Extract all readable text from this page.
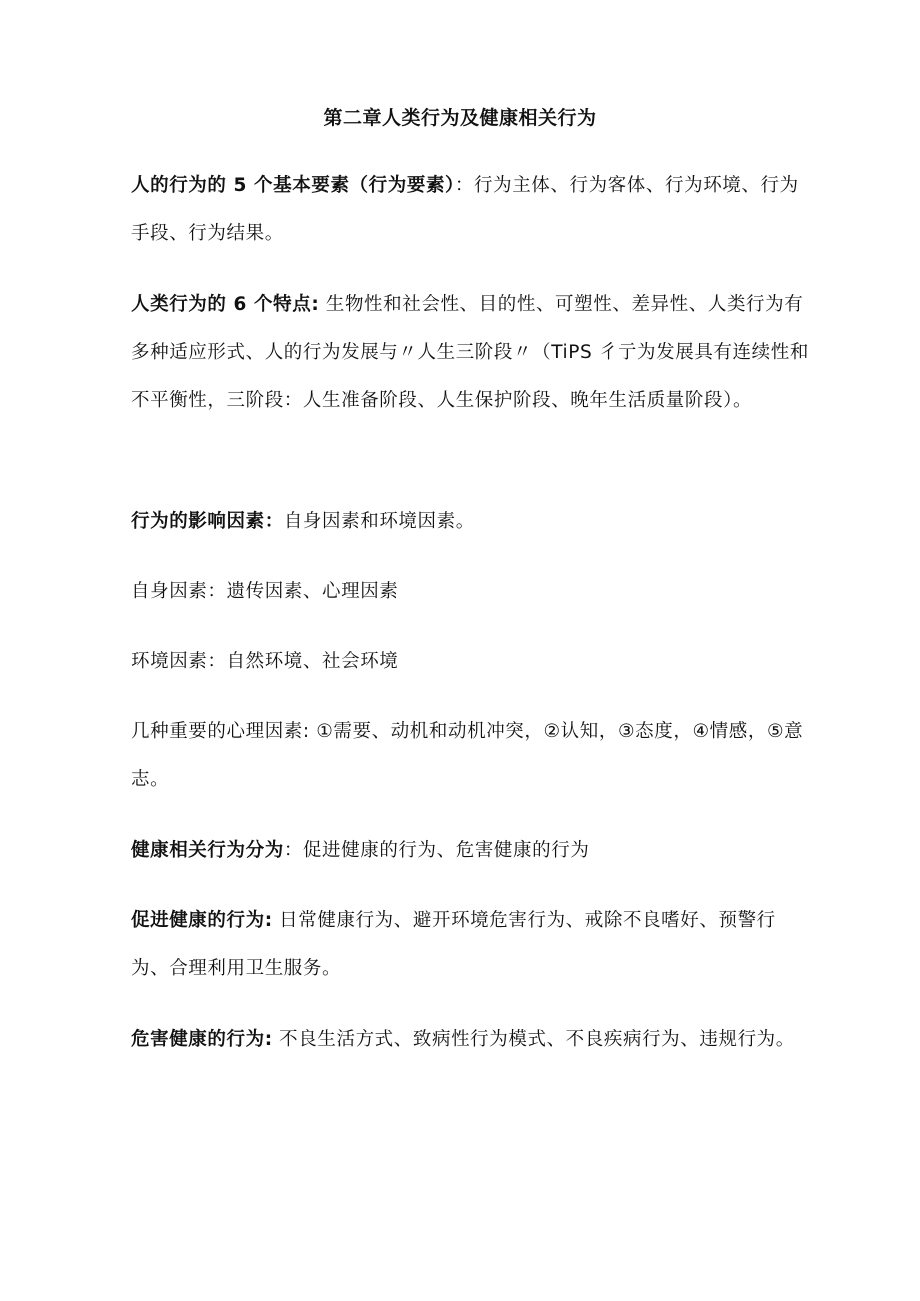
第二章人类行为及健康相关行为

人的行为的 5 个基本要素（行为要素）：行为主体、行为客体、行为环境、行为手段、行为结果。

人类行为的 6 个特点: 生物性和社会性、目的性、可塑性、差异性、人类行为有多种适应形式、人的行为发展与〃人生三阶段〃（TiPS 彳亍为发展具有连续性和不平衡性，三阶段：人生准备阶段、人生保护阶段、晚年生活质量阶段）。

行为的影响因素：自身因素和环境因素。

自身因素：遗传因素、心理因素

环境因素：自然环境、社会环境

几种重要的心理因素: ①需要、动机和动机冲突，②认知，③态度，④情感，⑤意志。

健康相关行为分为：促进健康的行为、危害健康的行为

促进健康的行为: 日常健康行为、避开环境危害行为、戒除不良嗜好、预警行为、合理利用卫生服务。

危害健康的行为: 不良生活方式、致病性行为模式、不良疾病行为、违规行为。
